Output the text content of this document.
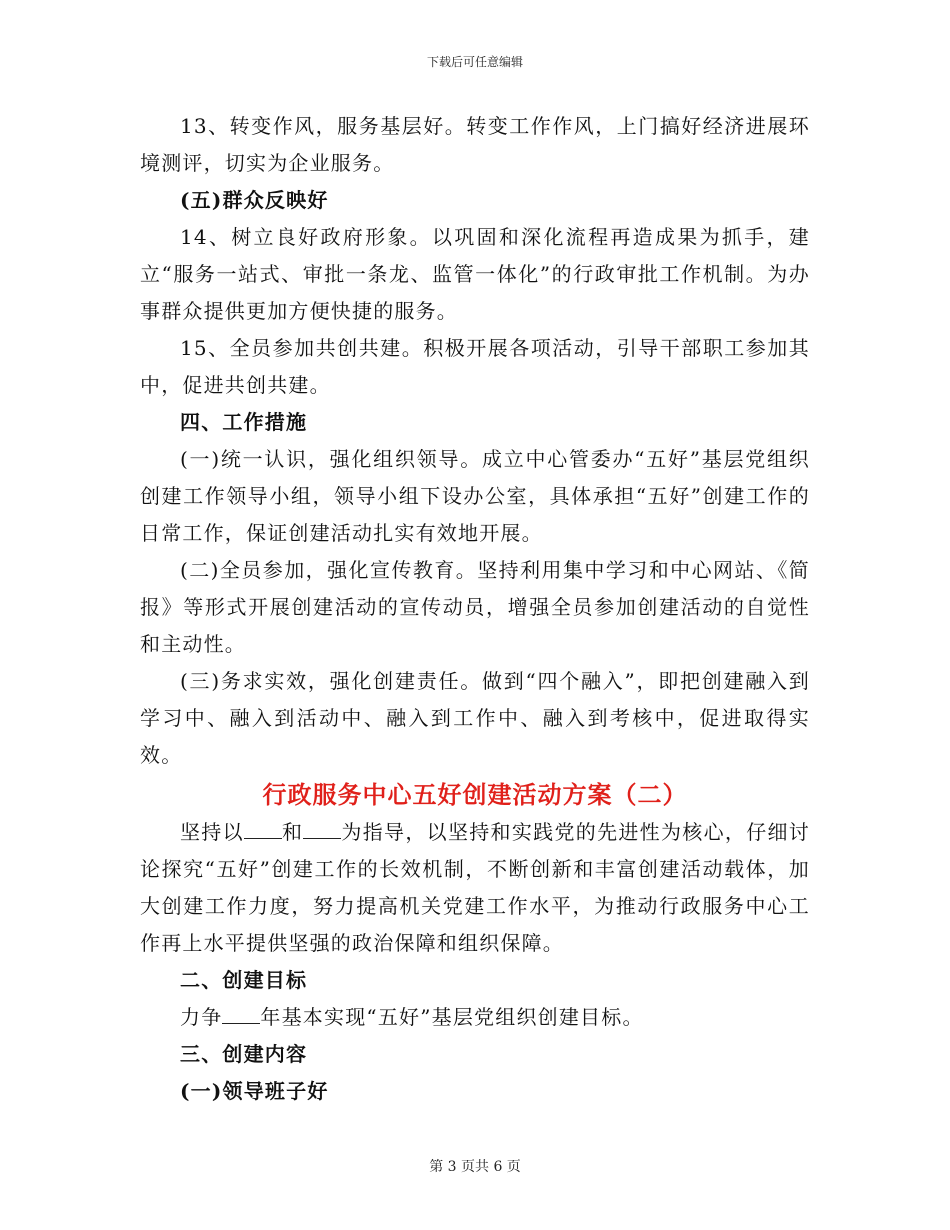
下载后可任意编辑

13、转变作风，服务基层好。转变工作作风，上门搞好经济进展环境测评，切实为企业服务。

(五)群众反映好

14、树立良好政府形象。以巩固和深化流程再造成果为抓手，建立“服务一站式、审批一条龙、监管一体化”的行政审批工作机制。为办事群众提供更加方便快捷的服务。

15、全员参加共创共建。积极开展各项活动，引导干部职工参加其中，促进共创共建。

四、工作措施

(一)统一认识，强化组织领导。成立中心管委办“五好”基层党组织创建工作领导小组，领导小组下设办公室，具体承担“五好”创建工作的日常工作，保证创建活动扎实有效地开展。

(二)全员参加，强化宣传教育。坚持利用集中学习和中心网站、《简报》等形式开展创建活动的宣传动员，增强全员参加创建活动的自觉性和主动性。

(三)务求实效，强化创建责任。做到“四个融入”，即把创建融入到学习中、融入到活动中、融入到工作中、融入到考核中，促进取得实效。

行政服务中心五好创建活动方案（二）

坚持以 和 为指导，以坚持和实践党的先进性为核心，仔细讨论探究“五好”创建工作的长效机制，不断创新和丰富创建活动载体，加大创建工作力度，努力提高机关党建工作水平，为推动行政服务中心工作再上水平提供坚强的政治保障和组织保障。

二、创建目标

力争 年基本实现“五好”基层党组织创建目标。

三、创建内容

(一)领导班子好

第 3 页共 6 页
